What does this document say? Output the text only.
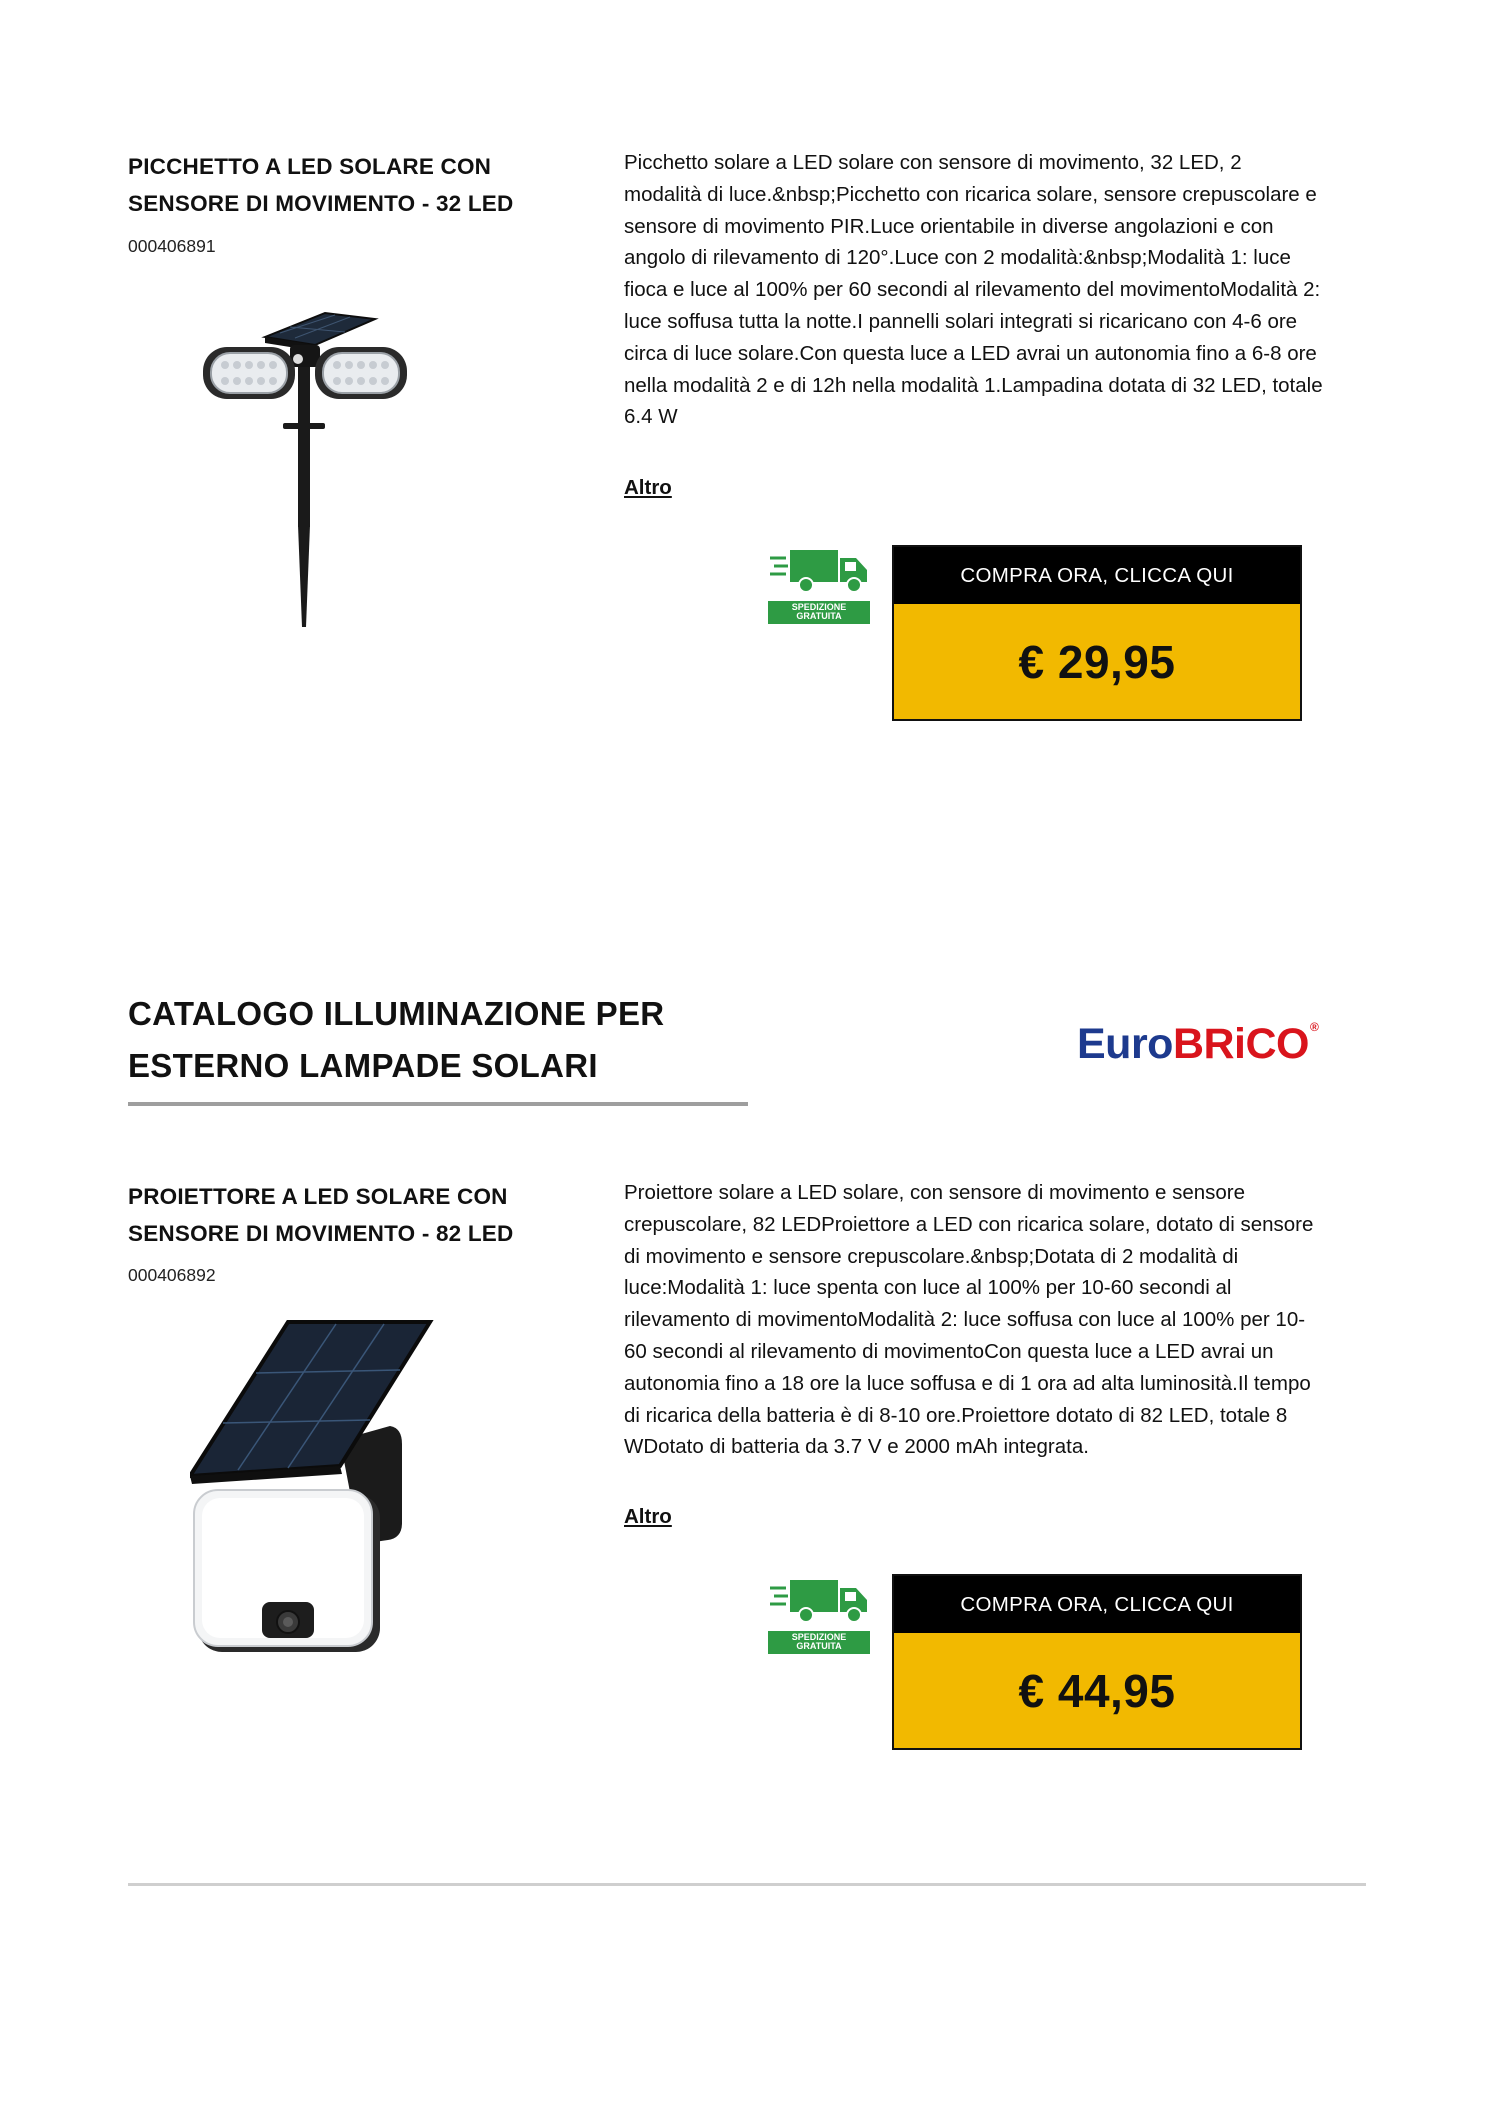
PICCHETTO A LED SOLARE CON
SENSORE DI MOVIMENTO - 32 LED
000406891

Picchetto solare a LED solare con sensore di movimento, 32 LED, 2 modalità di luce.&nbsp;Picchetto con ricarica solare, sensore crepuscolare e sensore di movimento PIR.Luce orientabile in diverse angolazioni e con angolo di rilevamento di 120°.Luce con 2 modalità:&nbsp;Modalità 1: luce fioca e luce al 100% per 60 secondi al rilevamento del movimentoModalità 2: luce soffusa tutta la notte.I pannelli solari integrati si ricaricano con 4-6 ore circa di luce solare.Con questa luce a LED avrai un autonomia fino a 6-8 ore nella modalità 2 e di 12h nella modalità 1.Lampadina dotata di 32 LED, totale 6.4 W

Altro
SPEDIZIONE
GRATUITA
COMPRA ORA, CLICCA QUI
€ 29,95
CATALOGO ILLUMINAZIONE PER
ESTERNO LAMPADE SOLARI	EuroBRiCO®
PROIETTORE A LED SOLARE CON
SENSORE DI MOVIMENTO - 82 LED
000406892

Proiettore solare a LED solare, con sensore di movimento e sensore crepuscolare, 82 LEDProiettore a LED con ricarica solare, dotato di sensore di movimento e sensore crepuscolare.&nbsp;Dotata di 2 modalità di luce:Modalità 1: luce spenta con luce al 100% per 10-60 secondi al rilevamento di movimentoModalità 2: luce soffusa con luce al 100% per 10-60 secondi al rilevamento di movimentoCon questa luce a LED avrai un autonomia fino a 18 ore la luce soffusa e di 1 ora ad alta luminosità.Il tempo di ricarica della batteria è di 8-10 ore.Proiettore dotato di 82 LED, totale 8 WDotato di batteria da 3.7 V e 2000 mAh integrata.

Altro
SPEDIZIONE
GRATUITA
COMPRA ORA, CLICCA QUI
€ 44,95
